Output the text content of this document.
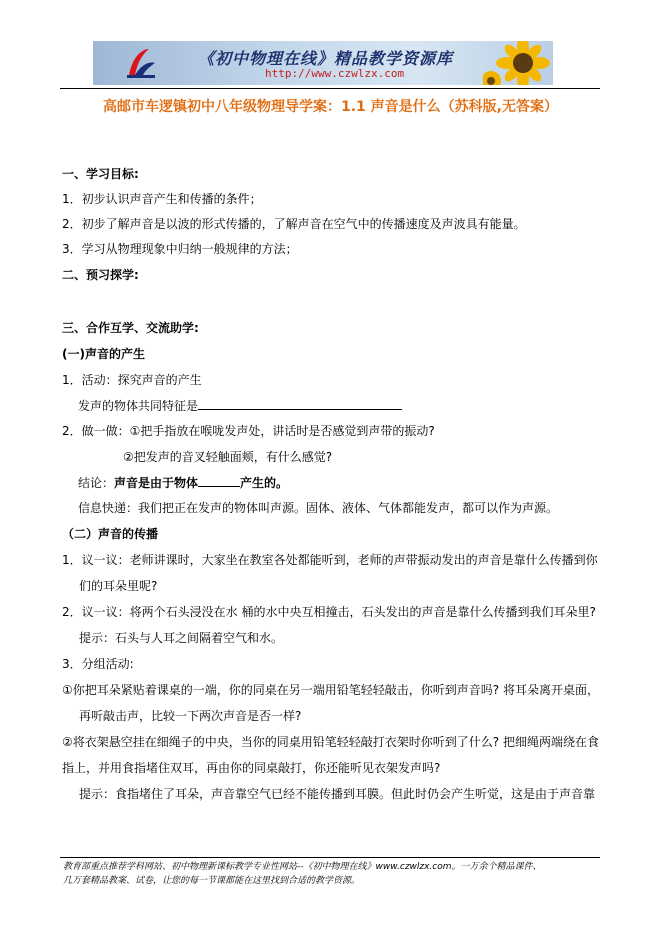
《初中物理在线》精品教学资源库
http://www.czwlzx.com
高邮市车逻镇初中八年级物理导学案：1.1 声音是什么（苏科版,无答案）
一、学习目标:
1．初步认识声音产生和传播的条件；
2．初步了解声音是以波的形式传播的，了解声音在空气中的传播速度及声波具有能量。
3．学习从物理现象中归纳一般规律的方法；
二、预习探学:
三、合作互学、交流助学:
(一)声音的产生
1．活动：探究声音的产生
发声的物体共同特征是
2．做一做：①把手指放在喉咙发声处，讲话时是否感觉到声带的振动?
②把发声的音叉轻触面颊，有什么感觉?
结论：声音是由于物体	产生的。
信息快递：我们把正在发声的物体叫声源。固体、液体、气体都能发声，都可以作为声源。
（二）声音的传播
1．议一议：老师讲课时，大家坐在教室各处都能听到，老师的声带振动发出的声音是靠什么传播到你
们的耳朵里呢?
2．议一议：将两个石头浸没在水 桶的水中央互相撞击，石头发出的声音是靠什么传播到我们耳朵里?
提示：石头与人耳之间隔着空气和水。
3．分组活动:
①你把耳朵紧贴着课桌的一端，你的同桌在另一端用铅笔轻轻敲击，你听到声音吗? 将耳朵离开桌面，
再听敲击声，比较一下两次声音是否一样?
②将衣架悬空挂在细绳子的中央，当你的同桌用铅笔轻轻敲打衣架时你听到了什么? 把细绳两端绕在食
指上，并用食指堵住双耳，再由你的同桌敲打，你还能听见衣架发声吗?
提示：食指堵住了耳朵，声音靠空气已经不能传播到耳膜。但此时仍会产生听觉，这是由于声音靠
教育部重点推荐学科网站、初中物理新课标教学专业性网站--《初中物理在线》www.czwlzx.com。一万余个精品课件、
几万套精品教案、试卷，让您的每一节课都能在这里找到合适的教学资源。
